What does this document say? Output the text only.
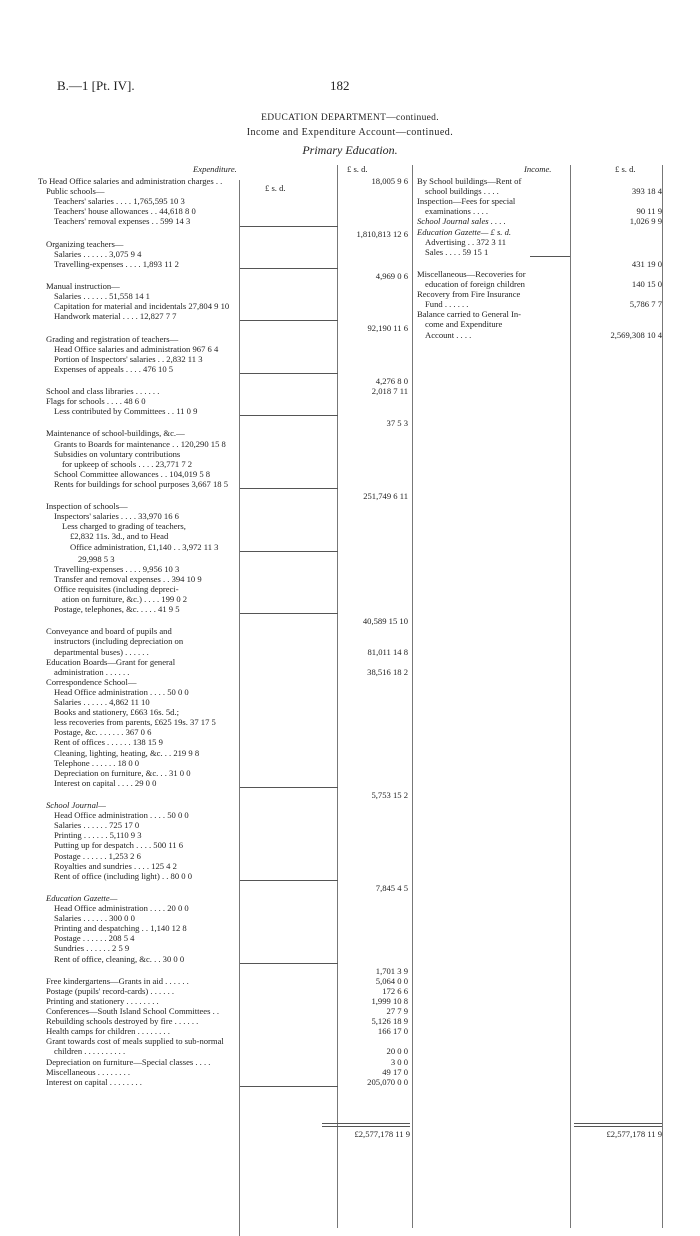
B.—1 [Pt. IV].	182
EDUCATION DEPARTMENT—continued.
Income and Expenditure Account—continued.
Primary Education.
Expenditure.	£ s. d.
£ s. d.
Income.	£ s. d.
To Head Office salaries and administration charges . .	18,005 9 6
Public schools—
Teachers' salaries . . . . 1,765,595 10 3
Teachers' house allowances . . 44,618 8 0
Teachers' removal expenses . . 599 14 3
1,810,813 12 6
Organizing teachers—
Salaries . . . . . . 3,075 9 4
Travelling-expenses . . . . 1,893 11 2
4,969 0 6
Manual instruction—
Salaries . . . . . . 51,558 14 1
Capitation for material and incidentals 27,804 9 10
Handwork material . . . . 12,827 7 7
92,190 11 6
Grading and registration of teachers—
Head Office salaries and administration 967 6 4
Portion of Inspectors' salaries . . 2,832 11 3
Expenses of appeals . . . . 476 10 5
4,276 8 0
School and class libraries . . . . . .	2,018 7 11
Flags for schools . . . . 48 6 0
Less contributed by Committees . . 11 0 9
37 5 3
Maintenance of school-buildings, &c.—
Grants to Boards for maintenance . . 120,290 15 8
Subsidies on voluntary contributions
for upkeep of schools . . . . 23,771 7 2
School Committee allowances . . 104,019 5 8
Rents for buildings for school purposes 3,667 18 5
251,749 6 11
Inspection of schools—
Inspectors' salaries . . . . 33,970 16 6
Less charged to grading of teachers,
£2,832 11s. 3d., and to Head
Office administration, £1,140 . . 3,972 11 3
29,998 5 3
Travelling-expenses . . . . 9,956 10 3
Transfer and removal expenses . . 394 10 9
Office requisites (including depreci-
ation on furniture, &c.) . . . . 199 0 2
Postage, telephones, &c. . . . . 41 9 5
40,589 15 10
Conveyance and board of pupils and
instructors (including depreciation on
departmental buses) . . . . . .	81,011 14 8
Education Boards—Grant for general
administration . . . . . .	38,516 18 2
Correspondence School—
Head Office administration . . . . 50 0 0
Salaries . . . . . . 4,862 11 10
Books and stationery, £663 16s. 5d.;
less recoveries from parents, £625 19s. 37 17 5
Postage, &c. . . . . . . 367 0 6
Rent of offices . . . . . . 138 15 9
Cleaning, lighting, heating, &c. . . 219 9 8
Telephone . . . . . . 18 0 0
Depreciation on furniture, &c. . . 31 0 0
Interest on capital . . . . 29 0 0
5,753 15 2
School Journal—
Head Office administration . . . . 50 0 0
Salaries . . . . . . 725 17 0
Printing . . . . . . 5,110 9 3
Putting up for despatch . . . . 500 11 6
Postage . . . . . . 1,253 2 6
Royalties and sundries . . . . 125 4 2
Rent of office (including light) . . 80 0 0
7,845 4 5
Education Gazette—
Head Office administration . . . . 20 0 0
Salaries . . . . . . 300 0 0
Printing and despatching . . 1,140 12 8
Postage . . . . . . 208 5 4
Sundries . . . . . . 2 5 9
Rent of office, cleaning, &c. . . 30 0 0
1,701 3 9
Free kindergartens—Grants in aid . . . . . .	5,064 0 0
Postage (pupils' record-cards) . . . . . .	172 6 6
Printing and stationery . . . . . . . .	1,999 10 8
Conferences—South Island School Committees . .	27 7 9
Rebuilding schools destroyed by fire . . . . . .	5,126 18 9
Health camps for children . . . . . . . .	166 17 0
Grant towards cost of meals supplied to sub-normal
children . . . . . . . . . .	20 0 0
Depreciation on furniture—Special classes . . . .	3 0 0
Miscellaneous . . . . . . . .	49 17 0
Interest on capital . . . . . . . .	205,070 0 0
By School buildings—Rent of
school buildings . . . .	393 18 4
Inspection—Fees for special
examinations . . . .	90 11 9
School Journal sales . . . .	1,026 9 9
Education Gazette— £ s. d.
Advertising . . 372 3 11
Sales . . . . 59 15 1
431 19 0
Miscellaneous—Recoveries for
education of foreign children	140 15 0
Recovery from Fire Insurance
Fund . . . . . .	5,786 7 7
Balance carried to General In-
come and Expenditure
Account . . . .	2,569,308 10 4
£2,577,178 11 9	£2,577,178 11 9
